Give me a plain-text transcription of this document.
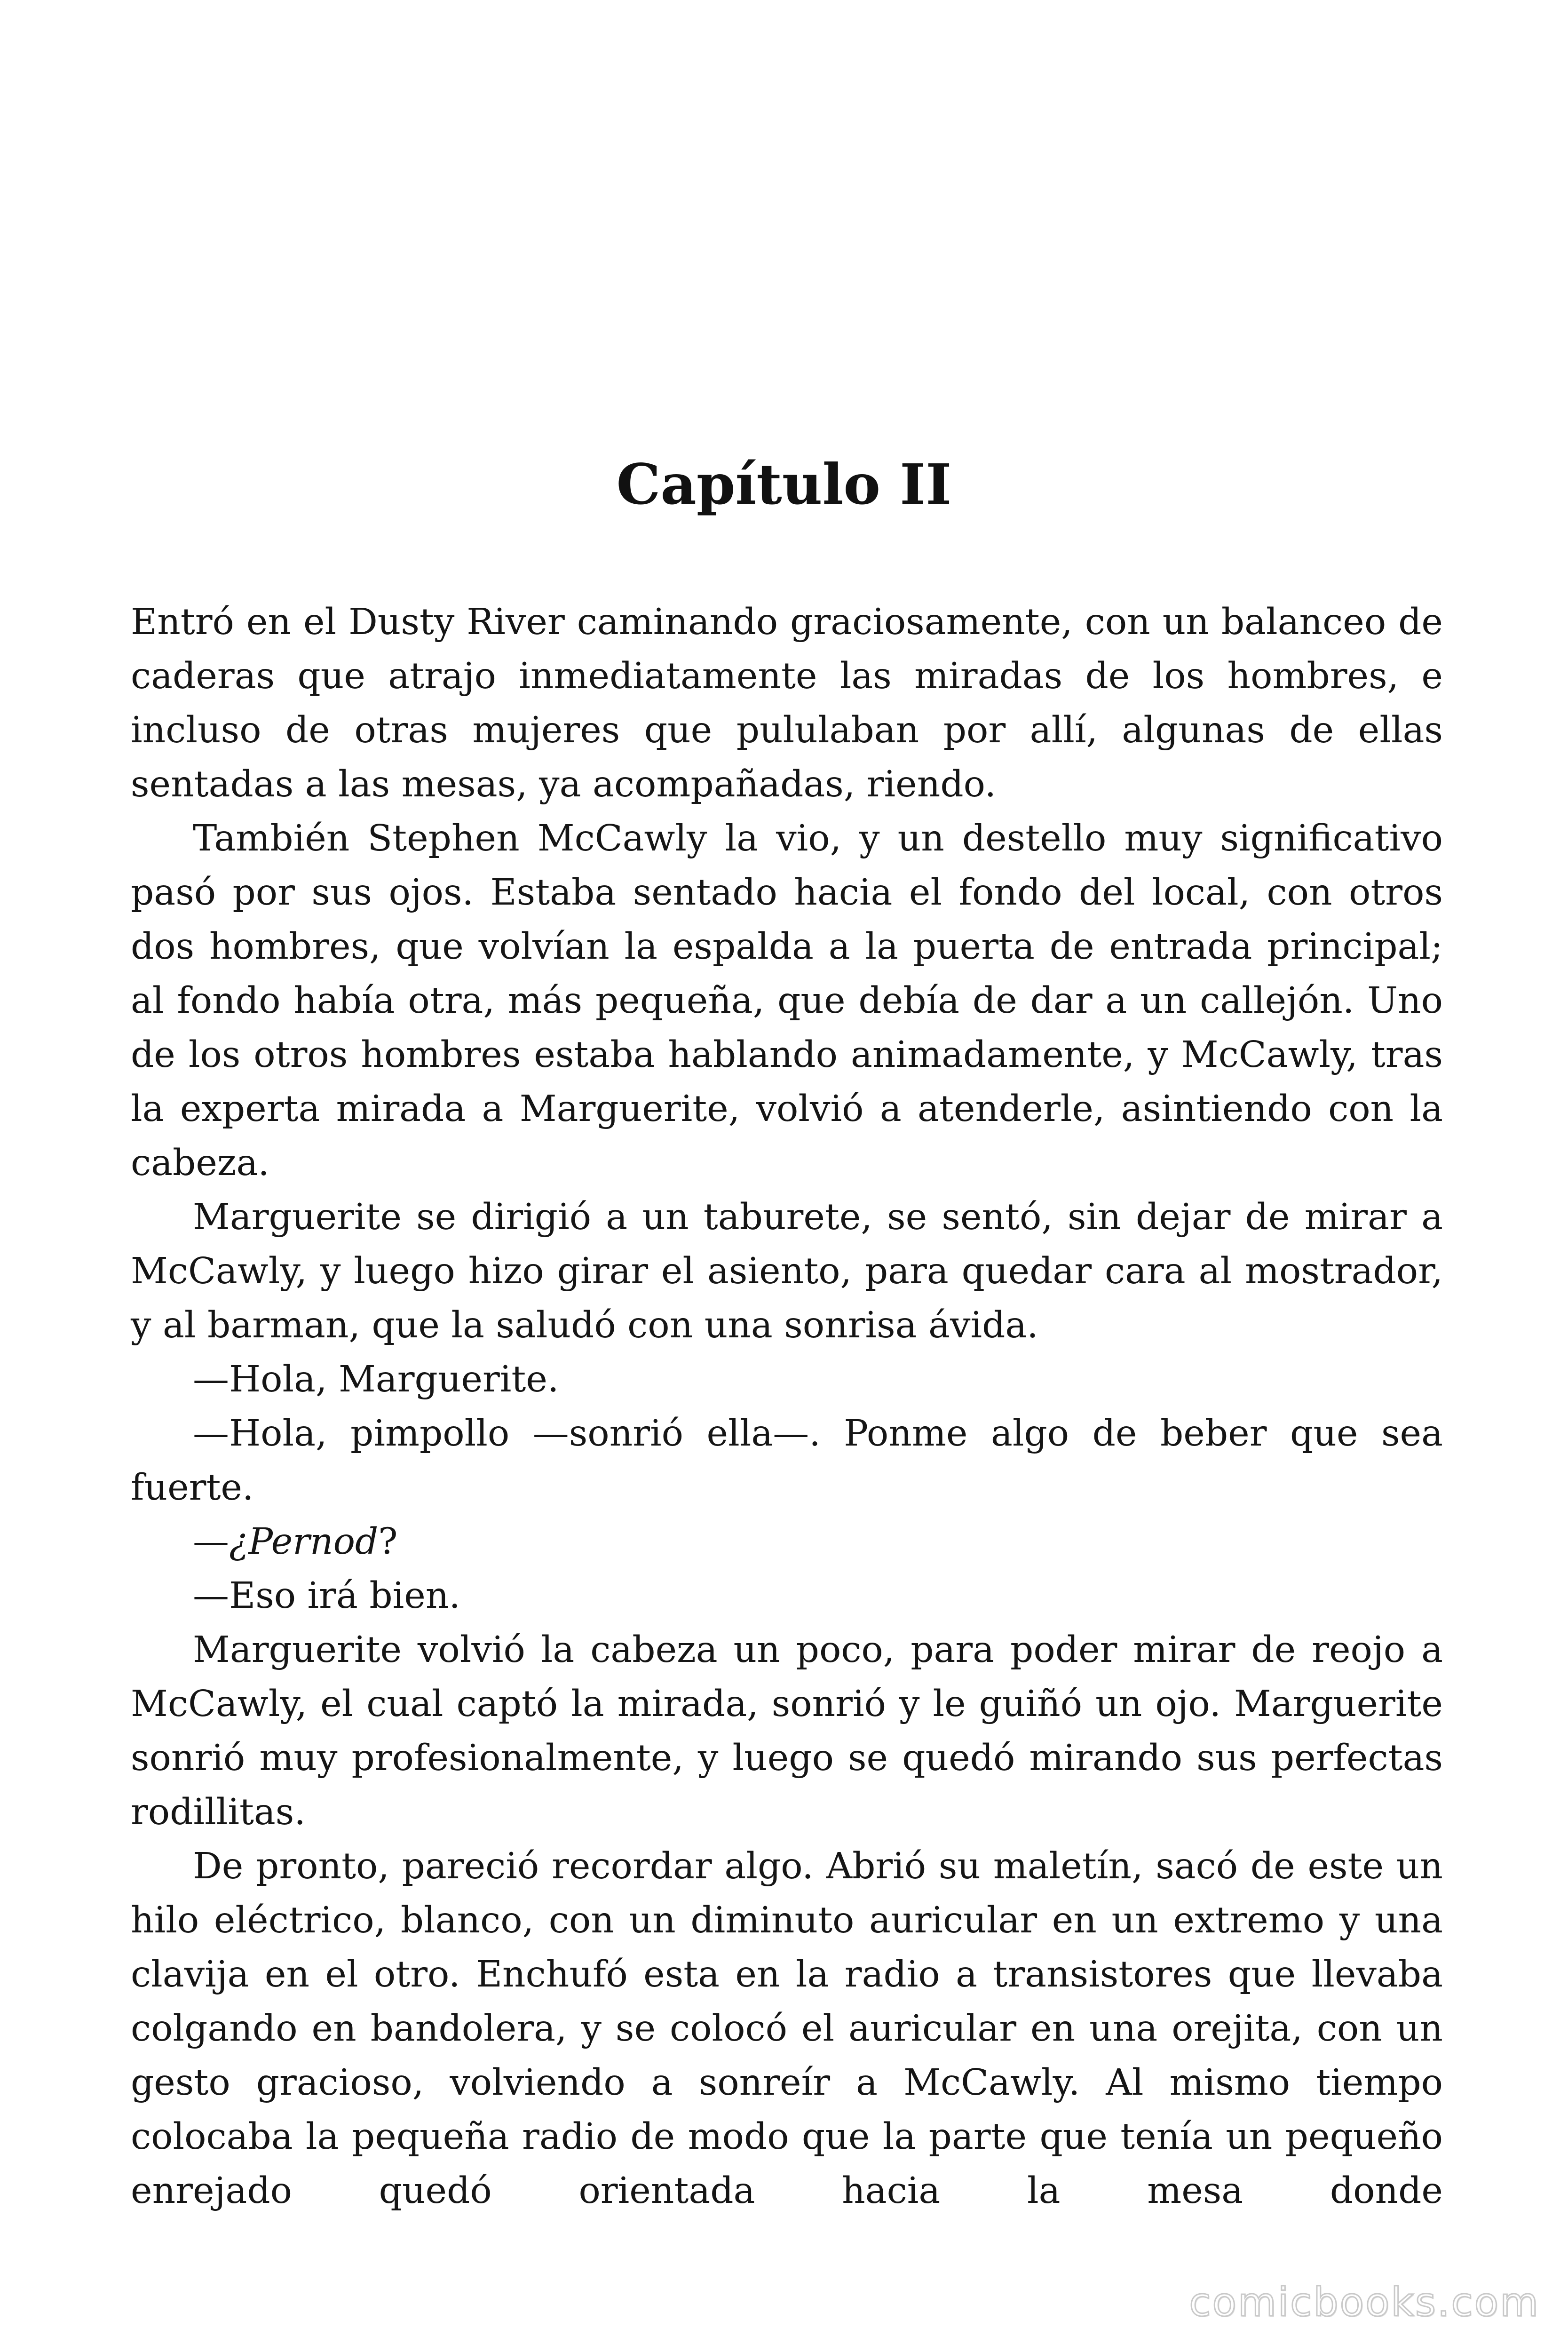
Capítulo II

Entró en el Dusty River caminando graciosamente, con un balanceo de caderas que atrajo inmediatamente las miradas de los hombres, e incluso de otras mujeres que pululaban por allí, algunas de ellas sentadas a las mesas, ya acompañadas, riendo.

También Stephen McCawly la vio, y un destello muy significativo pasó por sus ojos. Estaba sentado hacia el fondo del local, con otros dos hombres, que volvían la espalda a la puerta de entrada principal; al fondo había otra, más pequeña, que debía de dar a un callejón. Uno de los otros hombres estaba hablando animadamente, y McCawly, tras la experta mirada a Marguerite, volvió a atenderle, asintiendo con la cabeza.

Marguerite se dirigió a un taburete, se sentó, sin dejar de mirar a McCawly, y luego hizo girar el asiento, para quedar cara al mostrador, y al barman, que la saludó con una sonrisa ávida.

—Hola, Marguerite.

—Hola, pimpollo —sonrió ella—. Ponme algo de beber que sea fuerte.

—¿Pernod?

—Eso irá bien.

Marguerite volvió la cabeza un poco, para poder mirar de reojo a McCawly, el cual captó la mirada, sonrió y le guiñó un ojo. Marguerite sonrió muy profesionalmente, y luego se quedó mirando sus perfectas rodillitas.

De pronto, pareció recordar algo. Abrió su maletín, sacó de este un hilo eléctrico, blanco, con un diminuto auricular en un extremo y una clavija en el otro. Enchufó esta en la radio a transistores que llevaba colgando en bandolera, y se colocó el auricular en una orejita, con un gesto gracioso, volviendo a sonreír a McCawly. Al mismo tiempo colocaba la pequeña radio de modo que la parte que tenía un pequeño enrejado quedó orientada hacia la mesa donde

comicbooks.com
